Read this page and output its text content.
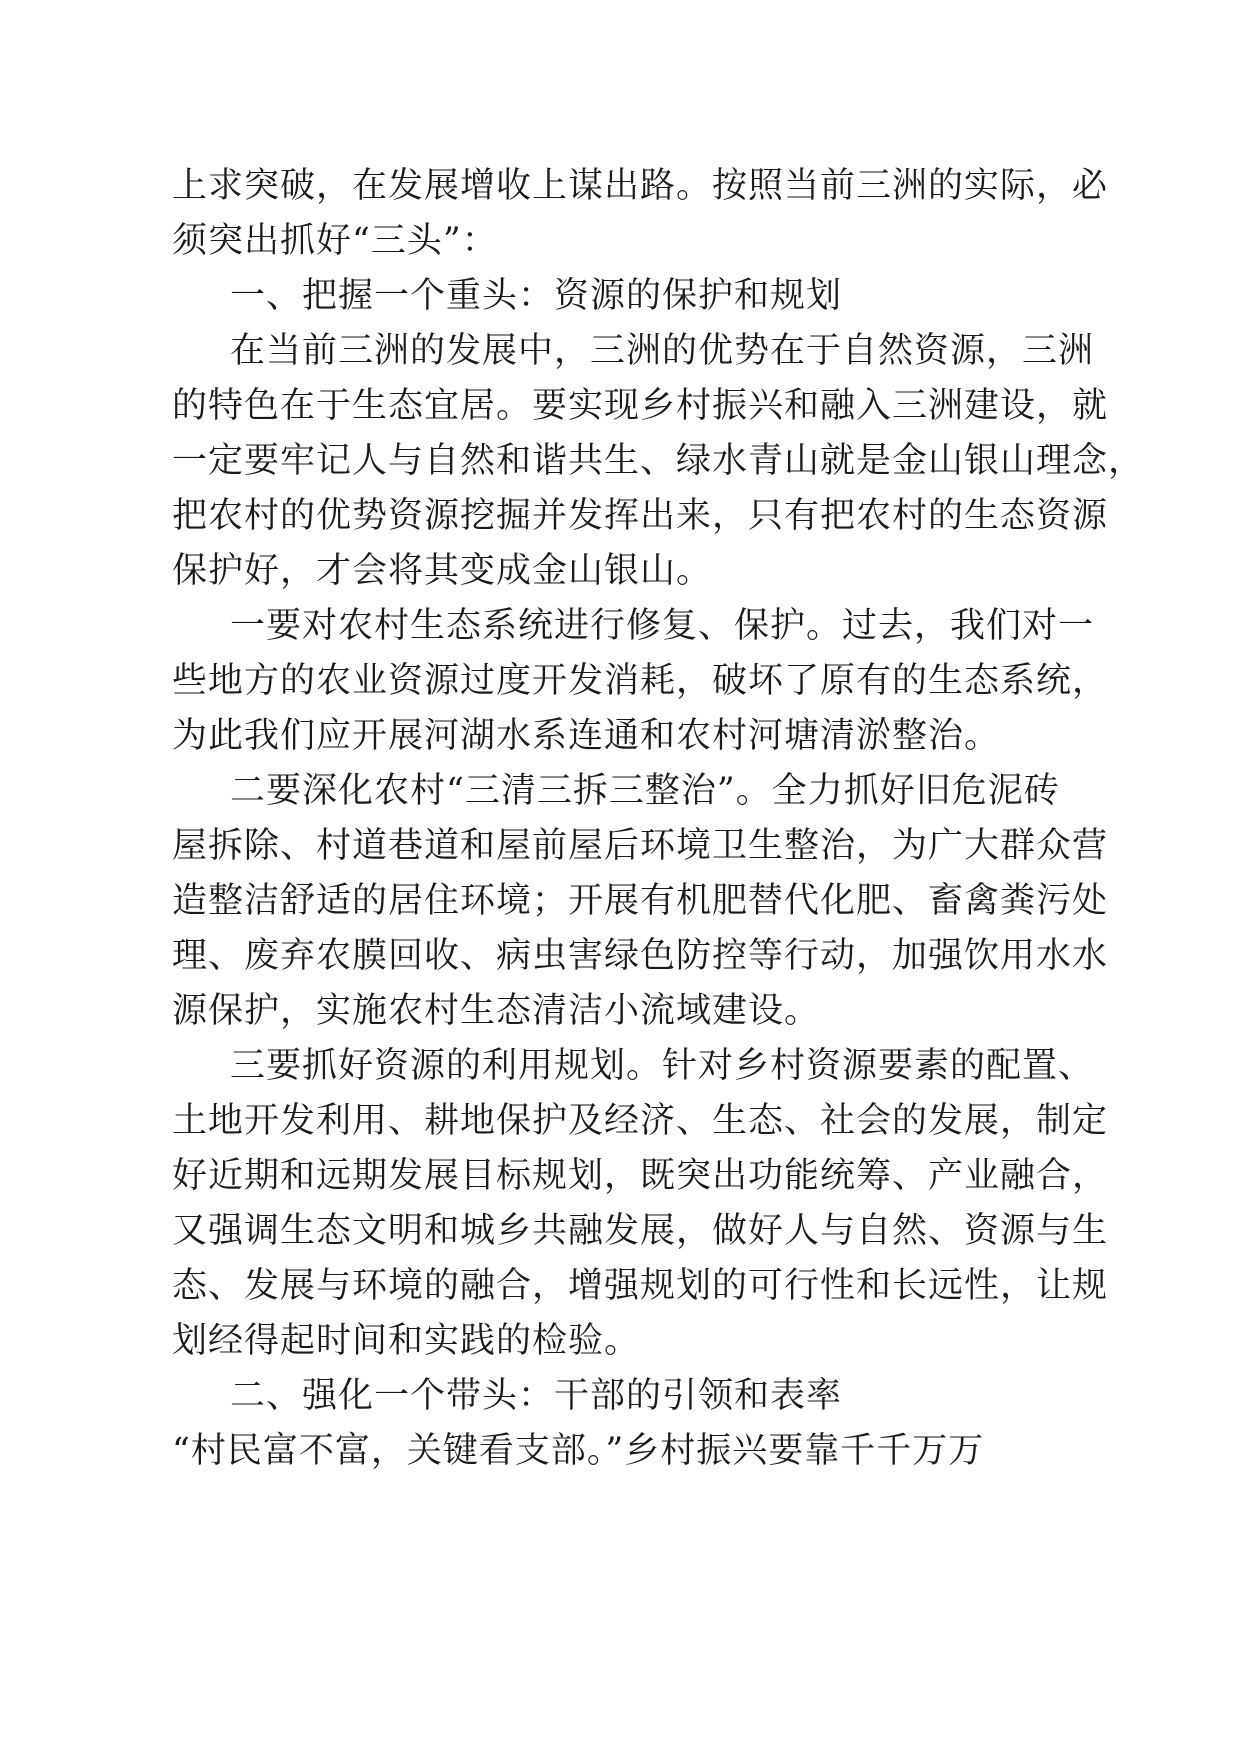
上求突破，在发展增收上谋出路。按照当前三洲的实际，必
须突出抓好“三头”：
一、把握一个重头：资源的保护和规划
在当前三洲的发展中，三洲的优势在于自然资源，三洲
的特色在于生态宜居。要实现乡村振兴和融入三洲建设，就
一定要牢记人与自然和谐共生、绿水青山就是金山银山理念，
把农村的优势资源挖掘并发挥出来，只有把农村的生态资源
保护好，才会将其变成金山银山。
一要对农村生态系统进行修复、保护。过去，我们对一
些地方的农业资源过度开发消耗，破坏了原有的生态系统，
为此我们应开展河湖水系连通和农村河塘清淤整治。
二要深化农村“三清三拆三整治”。全力抓好旧危泥砖
屋拆除、村道巷道和屋前屋后环境卫生整治，为广大群众营
造整洁舒适的居住环境；开展有机肥替代化肥、畜禽粪污处
理、废弃农膜回收、病虫害绿色防控等行动，加强饮用水水
源保护，实施农村生态清洁小流域建设。
三要抓好资源的利用规划。针对乡村资源要素的配置、
土地开发利用、耕地保护及经济、生态、社会的发展，制定
好近期和远期发展目标规划，既突出功能统筹、产业融合，
又强调生态文明和城乡共融发展，做好人与自然、资源与生
态、发展与环境的融合，增强规划的可行性和长远性，让规
划经得起时间和实践的检验。
二、强化一个带头：干部的引领和表率
“村民富不富，关键看支部。”乡村振兴要靠千千万万
